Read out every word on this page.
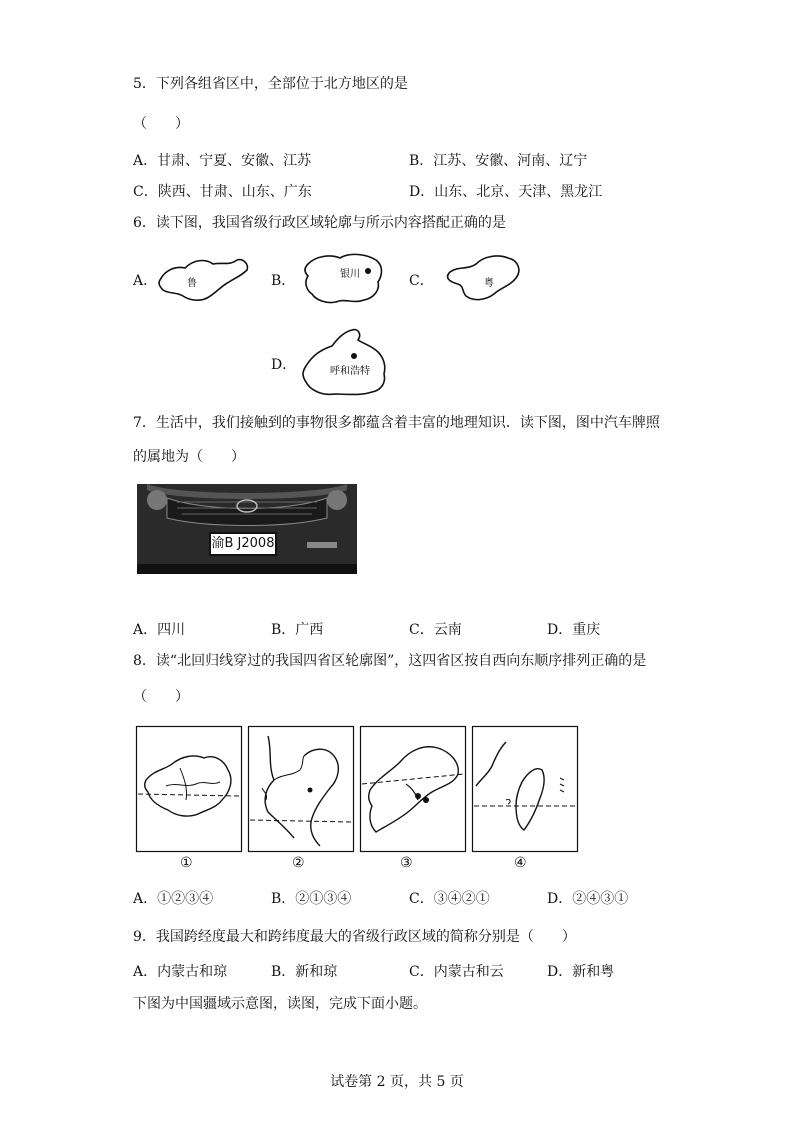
5．下列各组省区中，全部位于北方地区的是
（　　）
A．甘肃、宁夏、安徽、江苏	B．江苏、安徽、河南、辽宁
C．陕西、甘肃、山东、广东	D．山东、北京、天津、黑龙江
6．读下图，我国省级行政区域轮廓与所示内容搭配正确的是
A．	鲁	B．	银川	C．	粤
D．	呼和浩特
7．生活中，我们接触到的事物很多都蕴含着丰富的地理知识．读下图，图中汽车牌照
的属地为（　　）
渝B J2008
A．四川	B．广西	C．云南	D．重庆
8．读“北回归线穿过的我国四省区轮廓图”，这四省区按自西向东顺序排列正确的是
（　　）
①	②	③	④
A．①②③④	B．②①③④	C．③④②①	D．②④③①
9．我国跨经度最大和跨纬度最大的省级行政区域的简称分别是（　　）
A．内蒙古和琼	B．新和琼	C．内蒙古和云	D．新和粤
下图为中国疆域示意图，读图，完成下面小题。
试卷第 2 页，共 5 页
